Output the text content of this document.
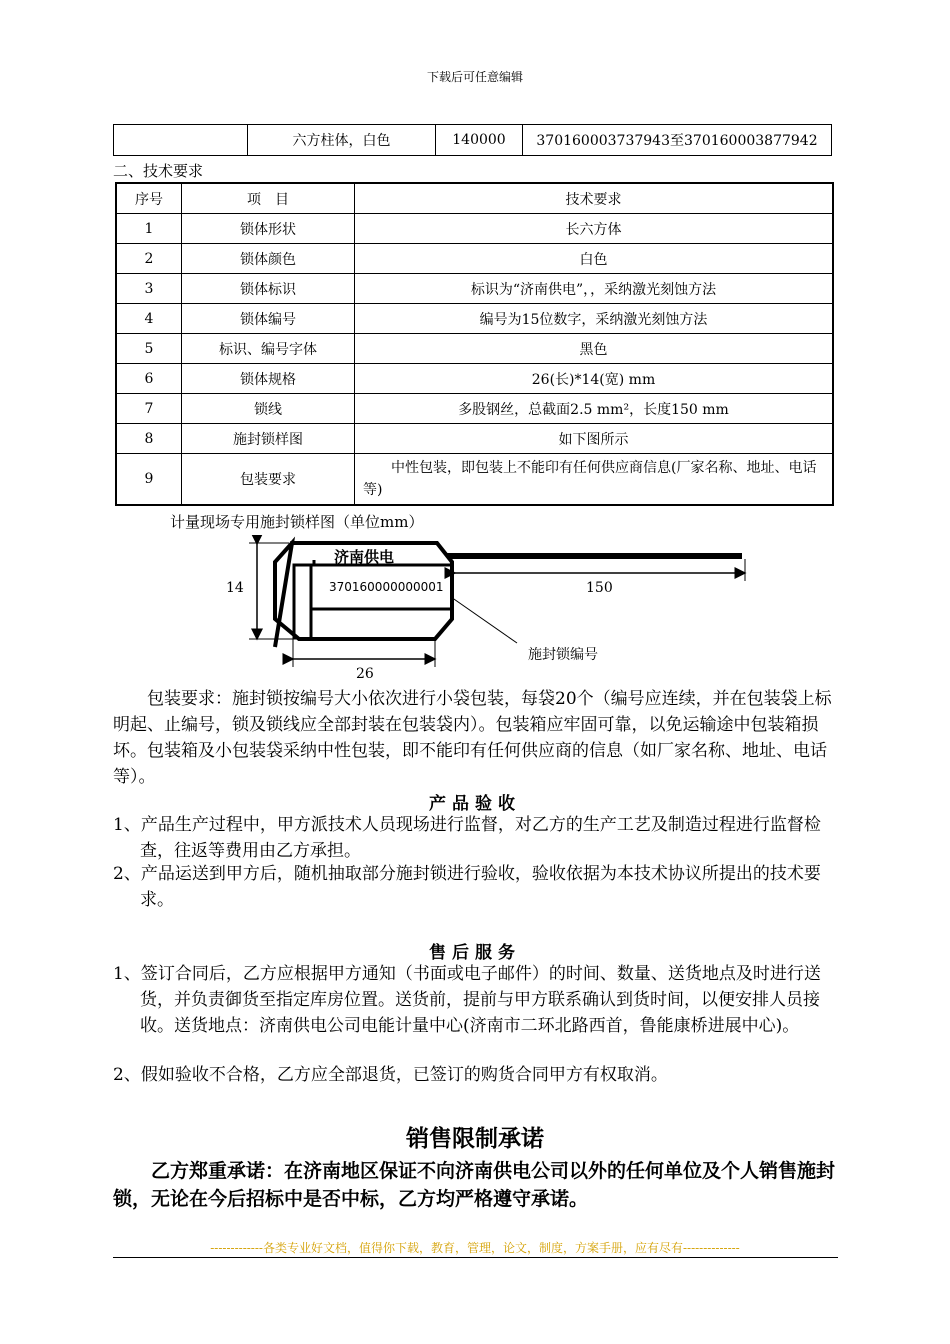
下载后可任意编辑
	六方柱体，白色	140000	370160003737943至370160003877942
二、技术要求
序号	项　目	技术要求
1	锁体形状	长六方体
2	锁体颜色	白色
3	锁体标识	标识为“济南供电”，，采纳激光刻蚀方法
4	锁体编号	编号为15位数字，采纳激光刻蚀方法
5	标识、编号字体	黑色
6	锁体规格	26(长)*14(宽) mm
7	锁线	多股钢丝，总截面2.5 mm²，长度150 mm
8	施封锁样图	如下图所示
9	包装要求	　　中性包装，即包装上不能印有任何供应商信息(厂家名称、地址、电话等)
计量现场专用施封锁样图（单位mm）
济南供电
370160000000001
14	150
26
施封锁编号
包装要求：施封锁按编号大小依次进行小袋包装，每袋20个（编号应连续，并在包装袋上标明起、止编号，锁及锁线应全部封装在包装袋内）。包装箱应牢固可靠，以免运输途中包装箱损坏。包装箱及小包装袋采纳中性包装，即不能印有任何供应商的信息（如厂家名称、地址、电话等）。
产品验收
1、产品生产过程中，甲方派技术人员现场进行监督，对乙方的生产工艺及制造过程进行监督检查，往返等费用由乙方承担。
2、产品运送到甲方后，随机抽取部分施封锁进行验收，验收依据为本技术协议所提出的技术要求。
售后服务
1、签订合同后，乙方应根据甲方通知（书面或电子邮件）的时间、数量、送货地点及时进行送货，并负责御货至指定库房位置。送货前，提前与甲方联系确认到货时间，以便安排人员接收。送货地点：济南供电公司电能计量中心(济南市二环北路西首，鲁能康桥进展中心)。
2、假如验收不合格，乙方应全部退货，已签订的购货合同甲方有权取消。
销售限制承诺
乙方郑重承诺：在济南地区保证不向济南供电公司以外的任何单位及个人销售施封锁，无论在今后招标中是否中标，乙方均严格遵守承诺。
-------------各类专业好文档，值得你下载，教育，管理，论文，制度，方案手册，应有尽有--------------
